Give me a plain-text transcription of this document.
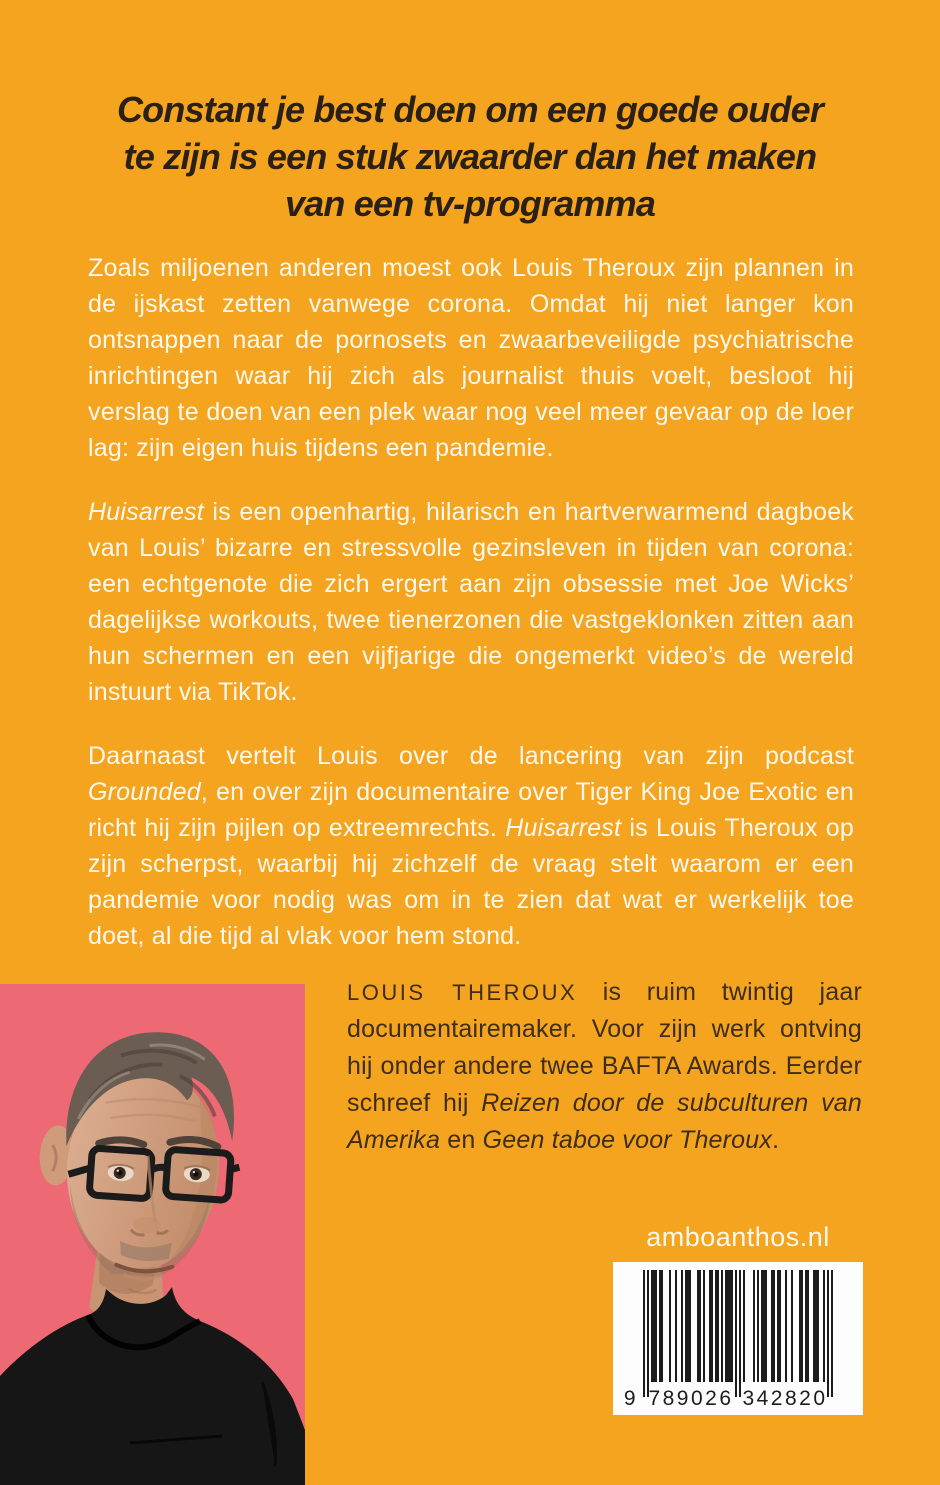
Constant je best doen om een goede ouder
te zijn is een stuk zwaarder dan het maken
van een tv-programma

Zoals miljoenen anderen moest ook Louis Theroux zijn plannen in de ijskast zetten vanwege corona. Omdat hij niet langer kon ontsnappen naar de pornosets en zwaarbeveiligde psychiatrische inrichtingen waar hij zich als journalist thuis voelt, besloot hij verslag te doen van een plek waar nog veel meer gevaar op de loer lag: zijn eigen huis tijdens een pandemie.

Huisarrest is een openhartig, hilarisch en hartverwarmend dagboek van Louis’ bizarre en stressvolle gezinsleven in tijden van corona: een echtgenote die zich ergert aan zijn obsessie met Joe Wicks’ dagelijkse workouts, twee tienerzonen die vastgeklonken zitten aan hun schermen en een vijfjarige die ongemerkt video’s de wereld instuurt via TikTok.

Daarnaast vertelt Louis over de lancering van zijn podcast Grounded, en over zijn documentaire over Tiger King Joe Exotic en richt hij zijn pijlen op extreemrechts. Huisarrest is Louis Theroux op zijn scherpst, waarbij hij zichzelf de vraag stelt waarom er een pandemie voor nodig was om in te zien dat wat er werkelijk toe doet, al die tijd al vlak voor hem stond.

LOUIS THEROUX is ruim twintig jaar documentairemaker. Voor zijn werk ontving hij onder andere twee BAFTA Awards. Eerder schreef hij Reizen door de subculturen van Amerika en Geen taboe voor Theroux.

amboanthos.nl
9 789026 342820
